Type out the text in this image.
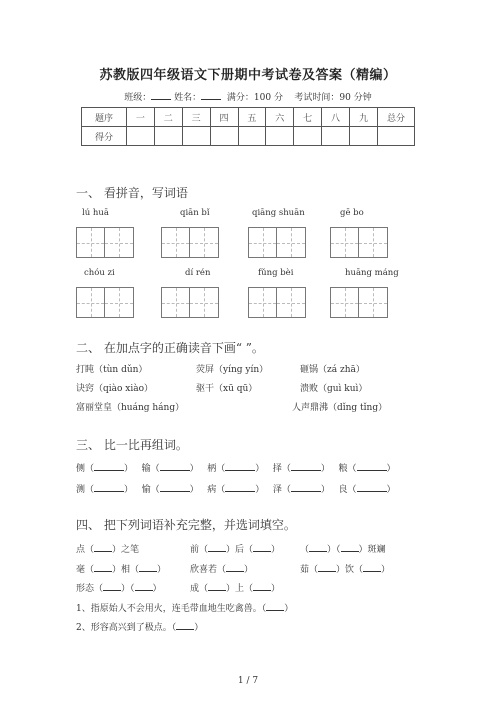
苏教版四年级语文下册期中考试卷及答案（精编）
班级：	姓名：	满分：100 分 考试时间：90 分钟
题序	一	二	三	四	五	六	七	八	九	总分
得分										
一、 看拼音，写词语
lú huā	qiān bǐ	qiāng shuān	gē bo
chóu zi	dí rén	fǔng bèi	huāng máng
二、 在加点字的正确读音下画“ ”。
打盹（tùn dǔn）	荧屏（yíng yín）	砸锅（zá zhā）
诀窍（qiào xiào）	驱干（xū qū）	溃败（guì kuì）
富丽堂皇（huáng háng）	人声鼎沸（dǐng tǐng）
三、 比一比再组词。
侧（	） 输（	） 柄（	） 择（	） 粮（	）
测（	） 愉（	） 病（	） 泽（	） 良（	）
四、 把下列词语补充完整，并选词填空。
点（ ）之笔	前（ ）后（ ） （ ）（ ）斑斓
毫（ ）相（ ）	欣喜若（ ）	茹（ ）饮（ ）
形态（ ）（ ）	成（ ）上（ ）
1、指原始人不会用火，连毛带血地生吃禽兽。（ ）
2、形容高兴到了极点。（ ）
1 / 7
